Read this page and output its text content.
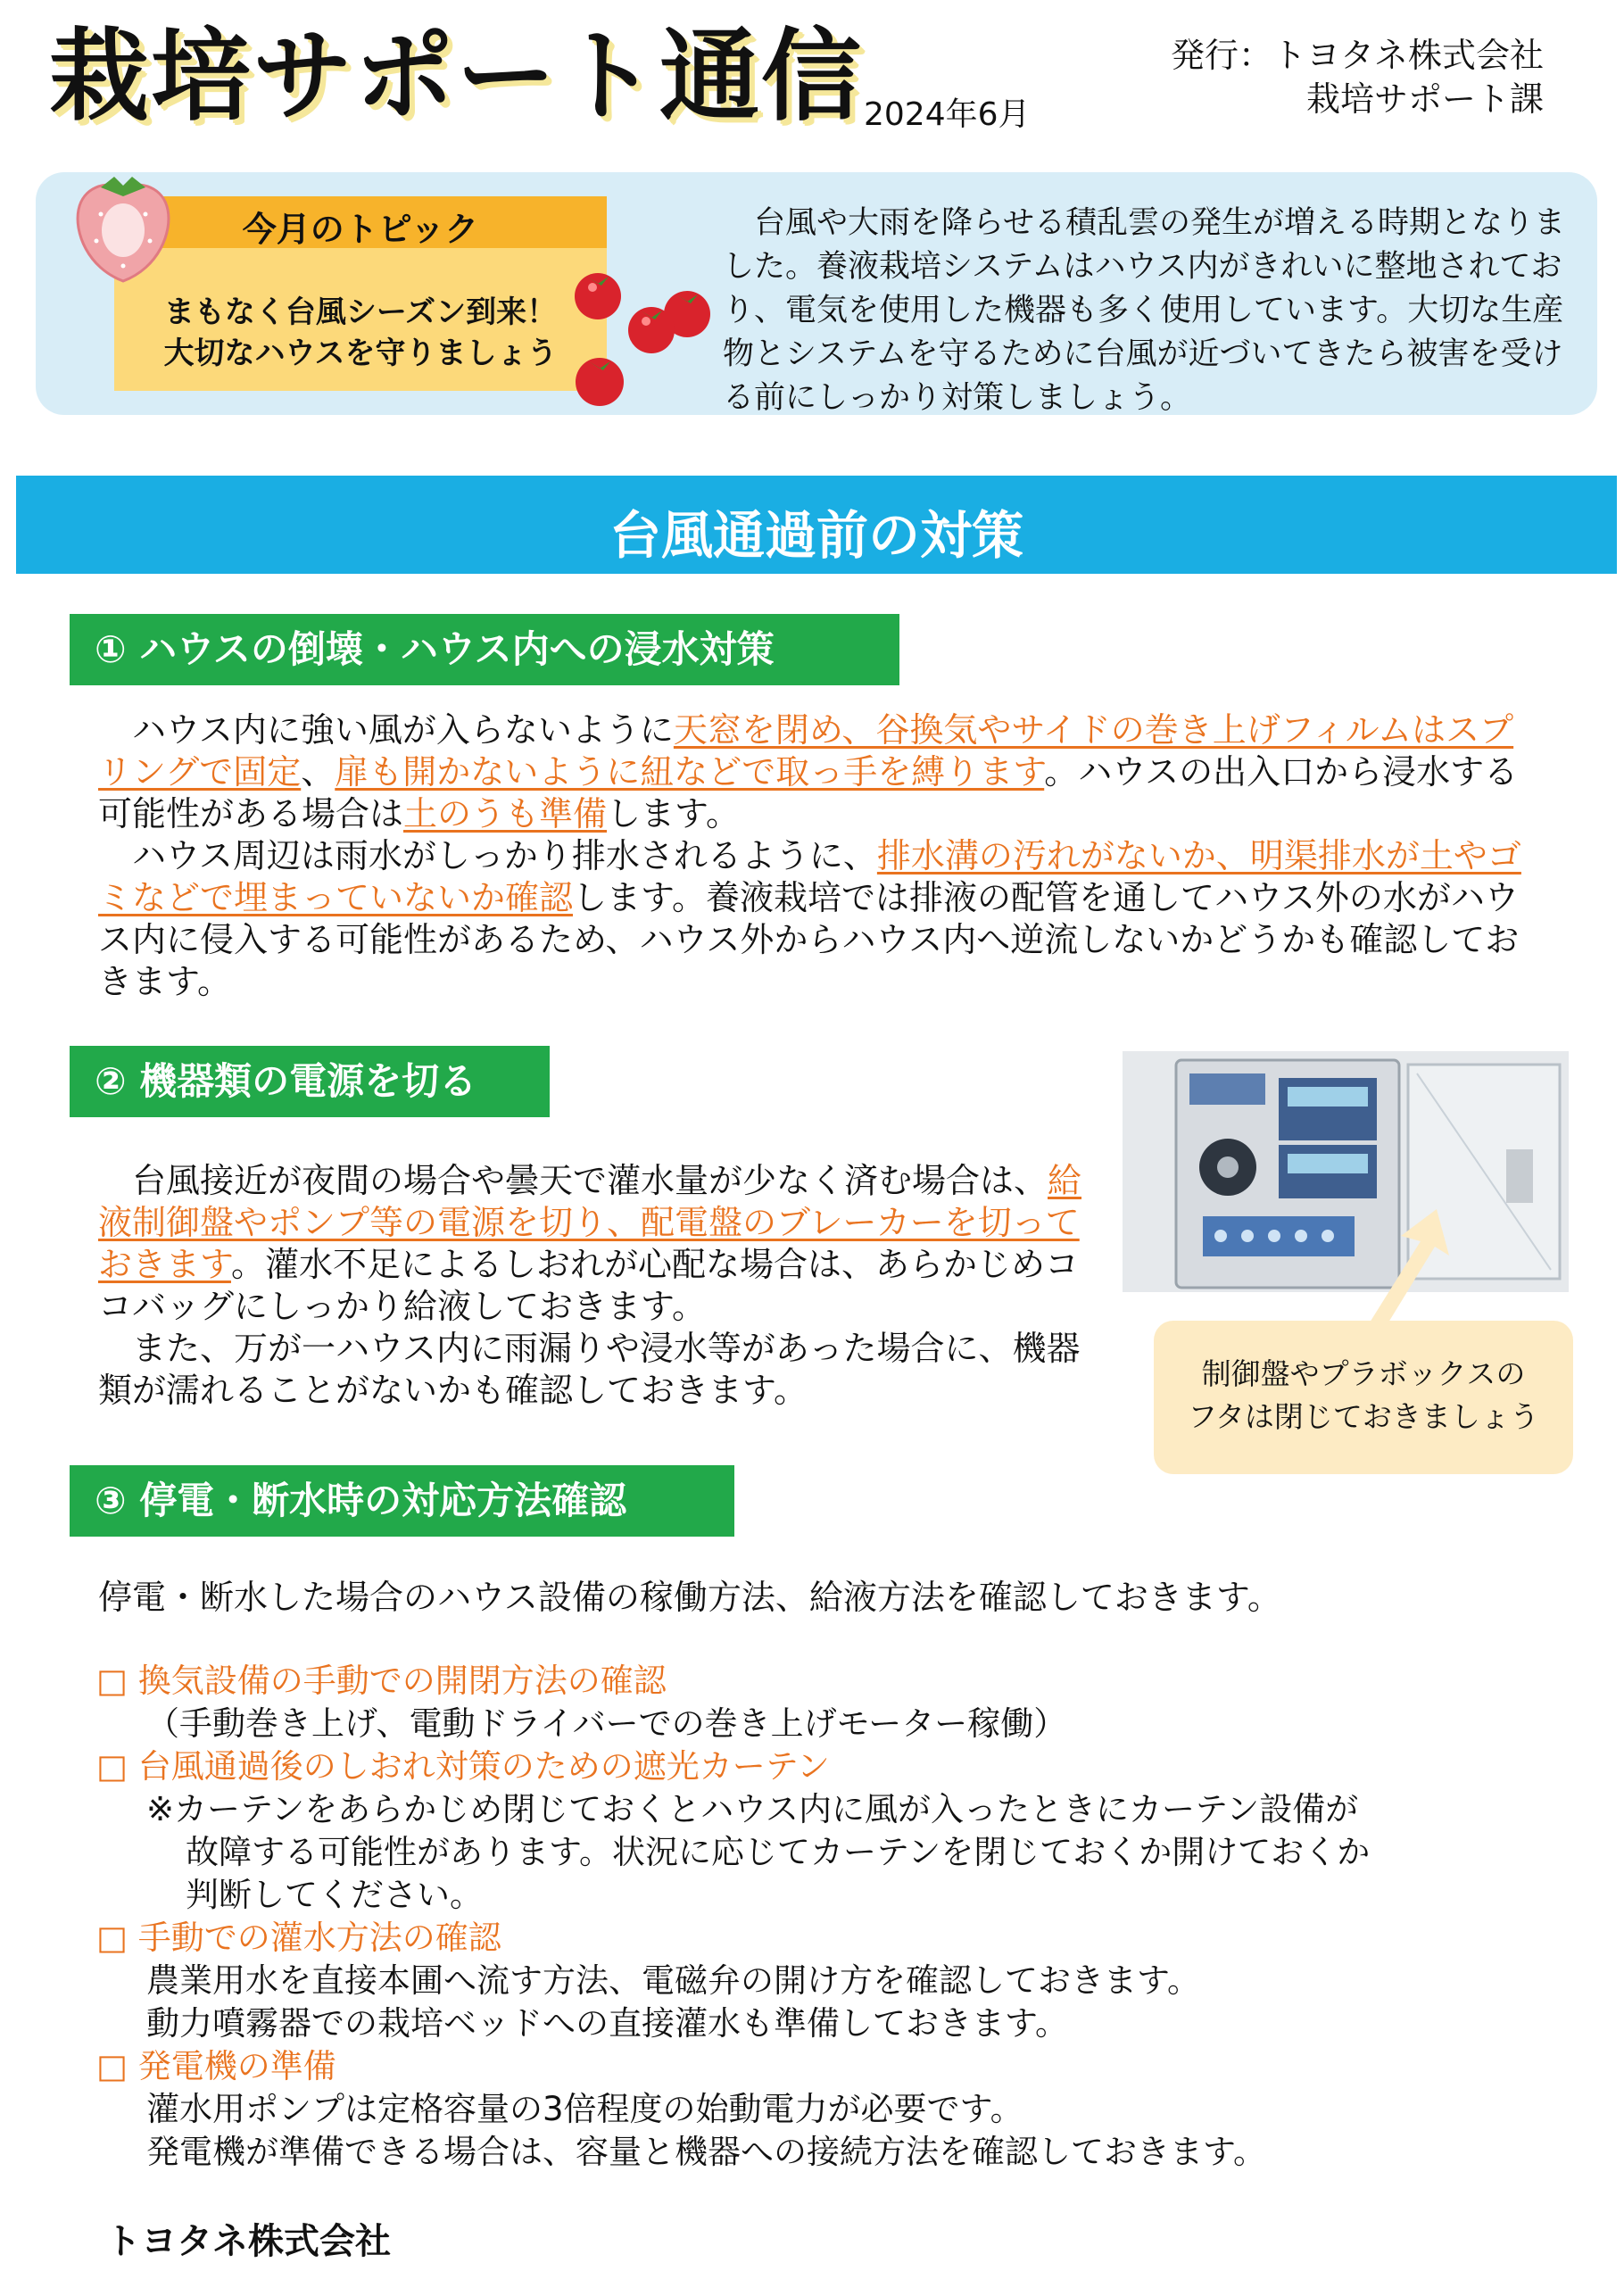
栽培サポート通信 2024年6月
発行：トヨタネ株式会社
栽培サポート課
今月のトピック
まもなく台風シーズン到来！
大切なハウスを守りましょう

台風や大雨を降らせる積乱雲の発生が増える時期となりました。養液栽培システムはハウス内がきれいに整地されており、電気を使用した機器も多く使用しています。大切な生産物とシステムを守るために台風が近づいてきたら被害を受ける前にしっかり対策しましょう。

台風通過前の対策
① ハウスの倒壊・ハウス内への浸水対策

ハウス内に強い風が入らないように天窓を閉め、谷換気やサイドの巻き上げフィルムはスプリングで固定、扉も開かないように紐などで取っ手を縛ります。ハウスの出入口から浸水する可能性がある場合は土のうも準備します。

ハウス周辺は雨水がしっかり排水されるように、排水溝の汚れがないか、明渠排水が土やゴミなどで埋まっていないか確認します。養液栽培では排液の配管を通してハウス外の水がハウス内に侵入する可能性があるため、ハウス外からハウス内へ逆流しないかどうかも確認しておきます。

② 機器類の電源を切る

台風接近が夜間の場合や曇天で灌水量が少なく済む場合は、給液制御盤やポンプ等の電源を切り、配電盤のブレーカーを切っておきます。灌水不足によるしおれが心配な場合は、あらかじめココバッグにしっかり給液しておきます。

また、万が一ハウス内に雨漏りや浸水等があった場合に、機器類が濡れることがないかも確認しておきます。	制御盤やプラボックスの
フタは閉じておきましょう
③ 停電・断水時の対応方法確認
停電・断水した場合のハウス設備の稼働方法、給液方法を確認しておきます。
□ 換気設備の手動での開閉方法の確認
（手動巻き上げ、電動ドライバーでの巻き上げモーター稼働）
□ 台風通過後のしおれ対策のための遮光カーテン
※カーテンをあらかじめ閉じておくとハウス内に風が入ったときにカーテン設備が
故障する可能性があります。状況に応じてカーテンを閉じておくか開けておくか
判断してください。
□ 手動での灌水方法の確認
農業用水を直接本圃へ流す方法、電磁弁の開け方を確認しておきます。
動力噴霧器での栽培ベッドへの直接灌水も準備しておきます。
□ 発電機の準備
灌水用ポンプは定格容量の3倍程度の始動電力が必要です。
発電機が準備できる場合は、容量と機器への接続方法を確認しておきます。
トヨタネ株式会社
